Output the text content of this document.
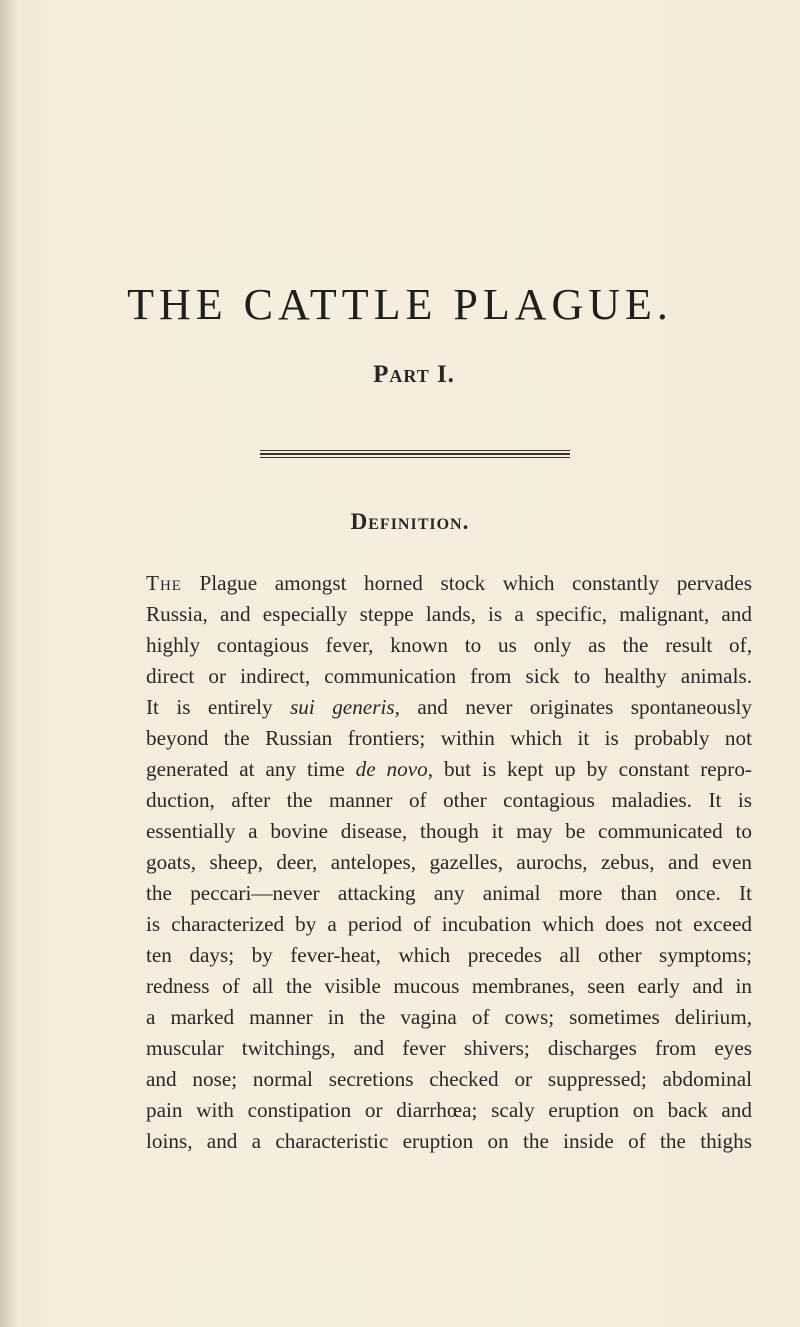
THE CATTLE PLAGUE.
Part I.
Definition.
The Plague amongst horned stock which constantly pervades
Russia, and especially steppe lands, is a specific, malignant, and
highly contagious fever, known to us only as the result of,
direct or indirect, communication from sick to healthy animals.
It is entirely sui generis, and never originates spontaneously
beyond the Russian frontiers; within which it is probably not
generated at any time de novo, but is kept up by constant repro-
duction, after the manner of other contagious maladies. It is
essentially a bovine disease, though it may be communicated to
goats, sheep, deer, antelopes, gazelles, aurochs, zebus, and even
the peccari—never attacking any animal more than once. It
is characterized by a period of incubation which does not exceed
ten days; by fever-heat, which precedes all other symptoms;
redness of all the visible mucous membranes, seen early and in
a marked manner in the vagina of cows; sometimes delirium,
muscular twitchings, and fever shivers; discharges from eyes
and nose; normal secretions checked or suppressed; abdominal
pain with constipation or diarrhœa; scaly eruption on back and
loins, and a characteristic eruption on the inside of the thighs
